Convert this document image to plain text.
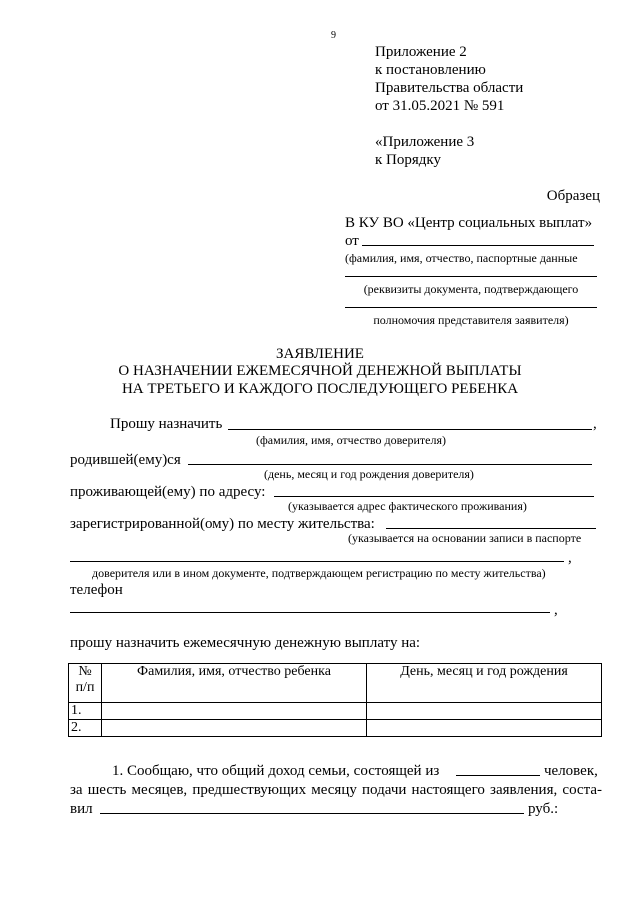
9
Приложение 2
к постановлению
Правительства области
от 31.05.2021 № 591
«Приложение 3
к Порядку
Образец
В КУ ВО «Центр социальных выплат»
от
(фамилия, имя, отчество, паспортные данные
(реквизиты документа, подтверждающего
полномочия представителя заявителя)
ЗАЯВЛЕНИЕ
О НАЗНАЧЕНИИ ЕЖЕМЕСЯЧНОЙ ДЕНЕЖНОЙ ВЫПЛАТЫ
НА ТРЕТЬЕГО И КАЖДОГО ПОСЛЕДУЮЩЕГО РЕБЕНКА
Прошу назначить	,
(фамилия, имя, отчество доверителя)
родившей(ему)ся
(день, месяц и год рождения доверителя)
проживающей(ему) по адресу:
(указывается адрес фактического проживания)
зарегистрированной(ому) по месту жительства:
(указывается на основании записи в паспорте
,
доверителя или в ином документе, подтверждающем регистрацию по месту жительства)
телефон
,
прошу назначить ежемесячную денежную выплату на:
№ п/п	Фамилия, имя, отчество ребенка	День, месяц и год рождения
1.		
2.		
1. Сообщаю, что общий доход семьи, состоящей из	человек,
за шесть месяцев, предшествующих месяцу подачи настоящего заявления, соста-
вил	руб.:
